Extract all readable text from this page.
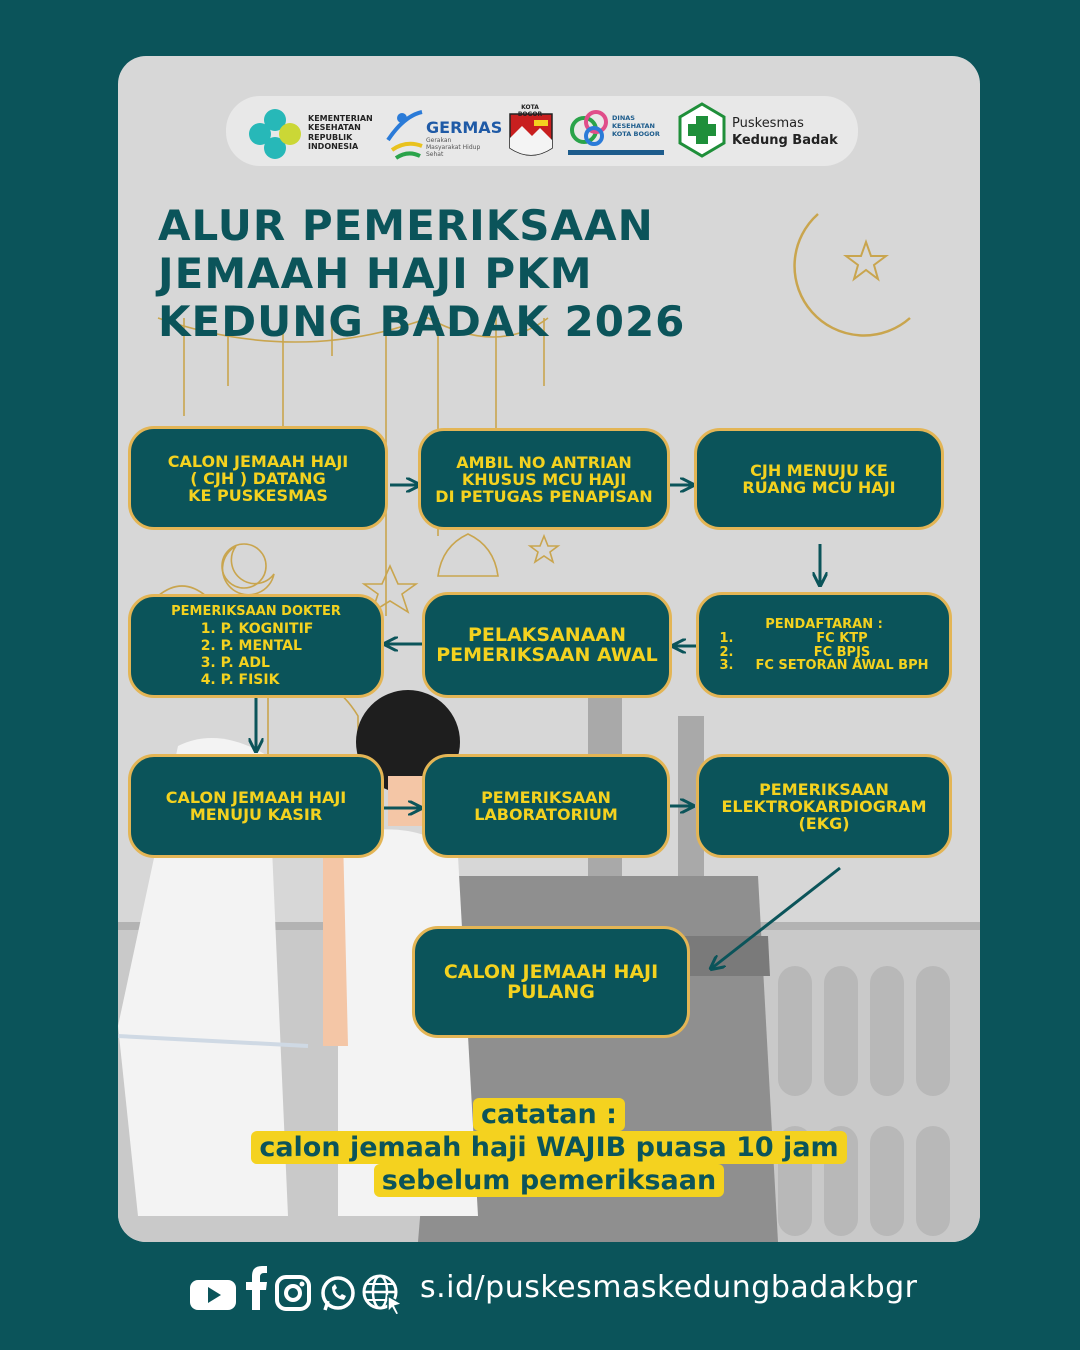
KEMENTERIAN KESEHATAN REPUBLIK INDONESIA
GERMAS
Gerakan Masyarakat Hidup Sehat
KOTA BOGOR	DINAS KESEHATAN KOTA BOGOR
Puskesmas
Kedung Badak
ALUR PEMERIKSAAN
JEMAAH HAJI PKM
KEDUNG BADAK 2026
CALON JEMAAH HAJI
( CJH ) DATANG
KE PUSKESMAS
AMBIL NO ANTRIAN
KHUSUS MCU HAJI
DI PETUGAS PENAPISAN
CJH MENUJU KE
RUANG MCU HAJI
PENDAFTARAN :
1.	FC KTP
2.	FC BPJS
3. FC SETORAN AWAL BPH
PELAKSANAAN
PEMERIKSAAN AWAL
PEMERIKSAAN DOKTER
1. P. KOGNITIF
2. P. MENTAL
3. P. ADL
4. P. FISIK
CALON JEMAAH HAJI
MENUJU KASIR
PEMERIKSAAN
LABORATORIUM
PEMERIKSAAN
ELEKTROKARDIOGRAM
(EKG)
CALON JEMAAH HAJI
PULANG
catatan :
calon jemaah haji WAJIB puasa 10 jam
sebelum pemeriksaan
s.id/puskesmaskedungbadakbgr
